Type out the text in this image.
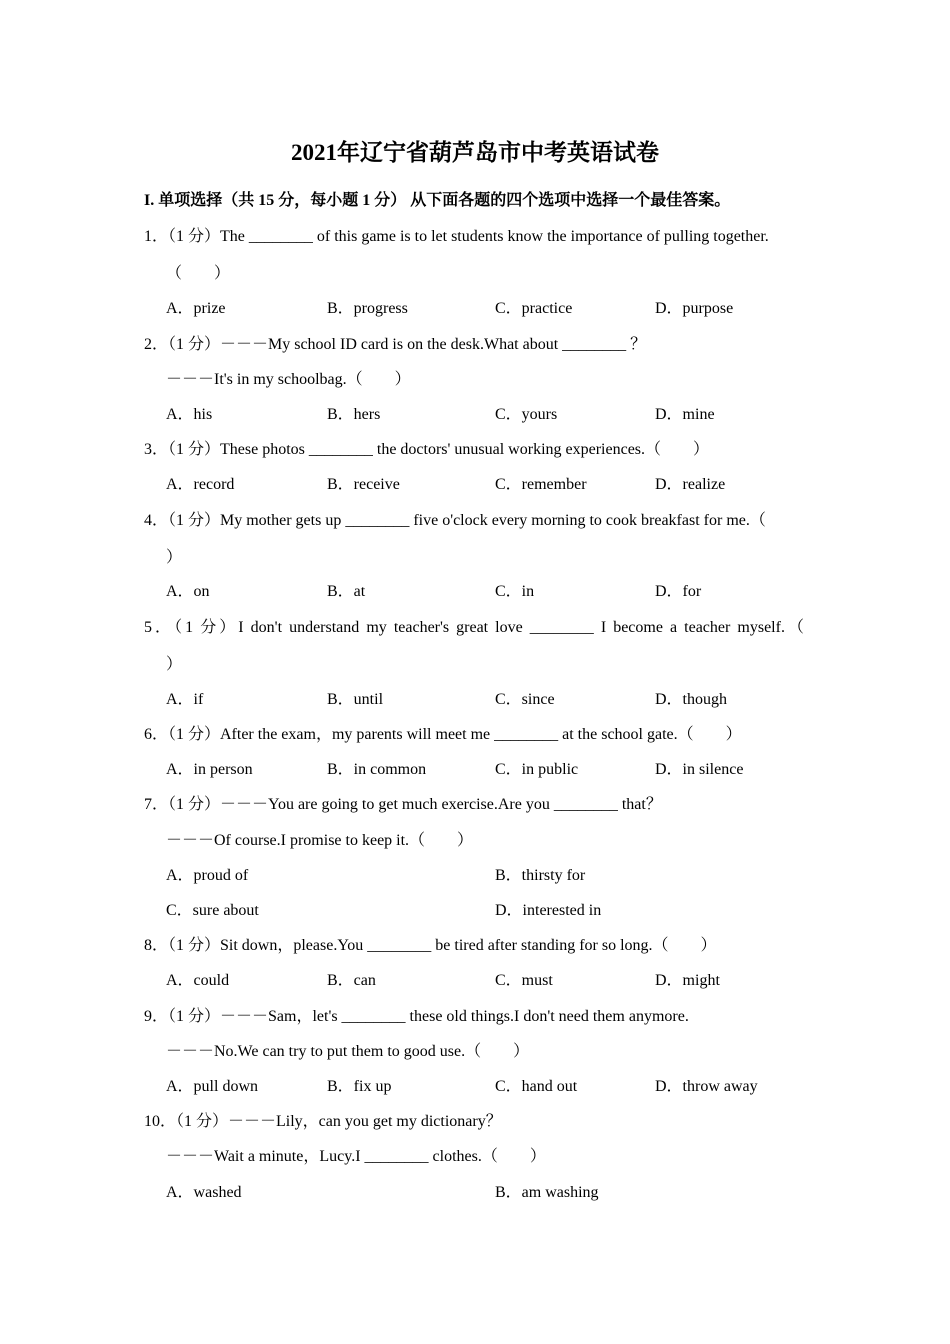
2021年辽宁省葫芦岛市中考英语试卷
I. 单项选择（共 15 分，每小题 1 分） 从下面各题的四个选项中选择一个最佳答案。
1．（1 分）The ________ of this game is to let students know the importance of pulling together.
（　　）
A．prize	B．progress	C．practice	D．purpose
2．（1 分）－－－My school ID card is on the desk.What about ________ ？
－－－It's in my schoolbag.（　　）
A．his	B．hers	C．yours	D．mine
3．（1 分）These photos ________ the doctors' unusual working experiences.（　　）
A．record	B．receive	C．remember	D．realize
4．（1 分）My mother gets up ________ five o'clock every morning to cook breakfast for me.（
）
A．on	B．at	C．in	D．for
5．（1 分）I don't understand my teacher's great love ________ I become a teacher myself.（
）
A．if	B．until	C．since	D．though
6．（1 分）After the exam，my parents will meet me ________ at the school gate.（　　）
A．in person	B．in common	C．in public	D．in silence
7．（1 分）－－－You are going to get much exercise.Are you ________ that？
－－－Of course.I promise to keep it.（　　）
A．proud of	B．thirsty for
C．sure about	D．interested in
8．（1 分）Sit down，please.You ________ be tired after standing for so long.（　　）
A．could	B．can	C．must	D．might
9．（1 分）－－－Sam，let's ________ these old things.I don't need them anymore.
－－－No.We can try to put them to good use.（　　）
A．pull down	B．fix up	C．hand out	D．throw away
10．（1 分）－－－Lily，can you get my dictionary？
－－－Wait a minute，Lucy.I ________ clothes.（　　）
A．washed	B．am washing
